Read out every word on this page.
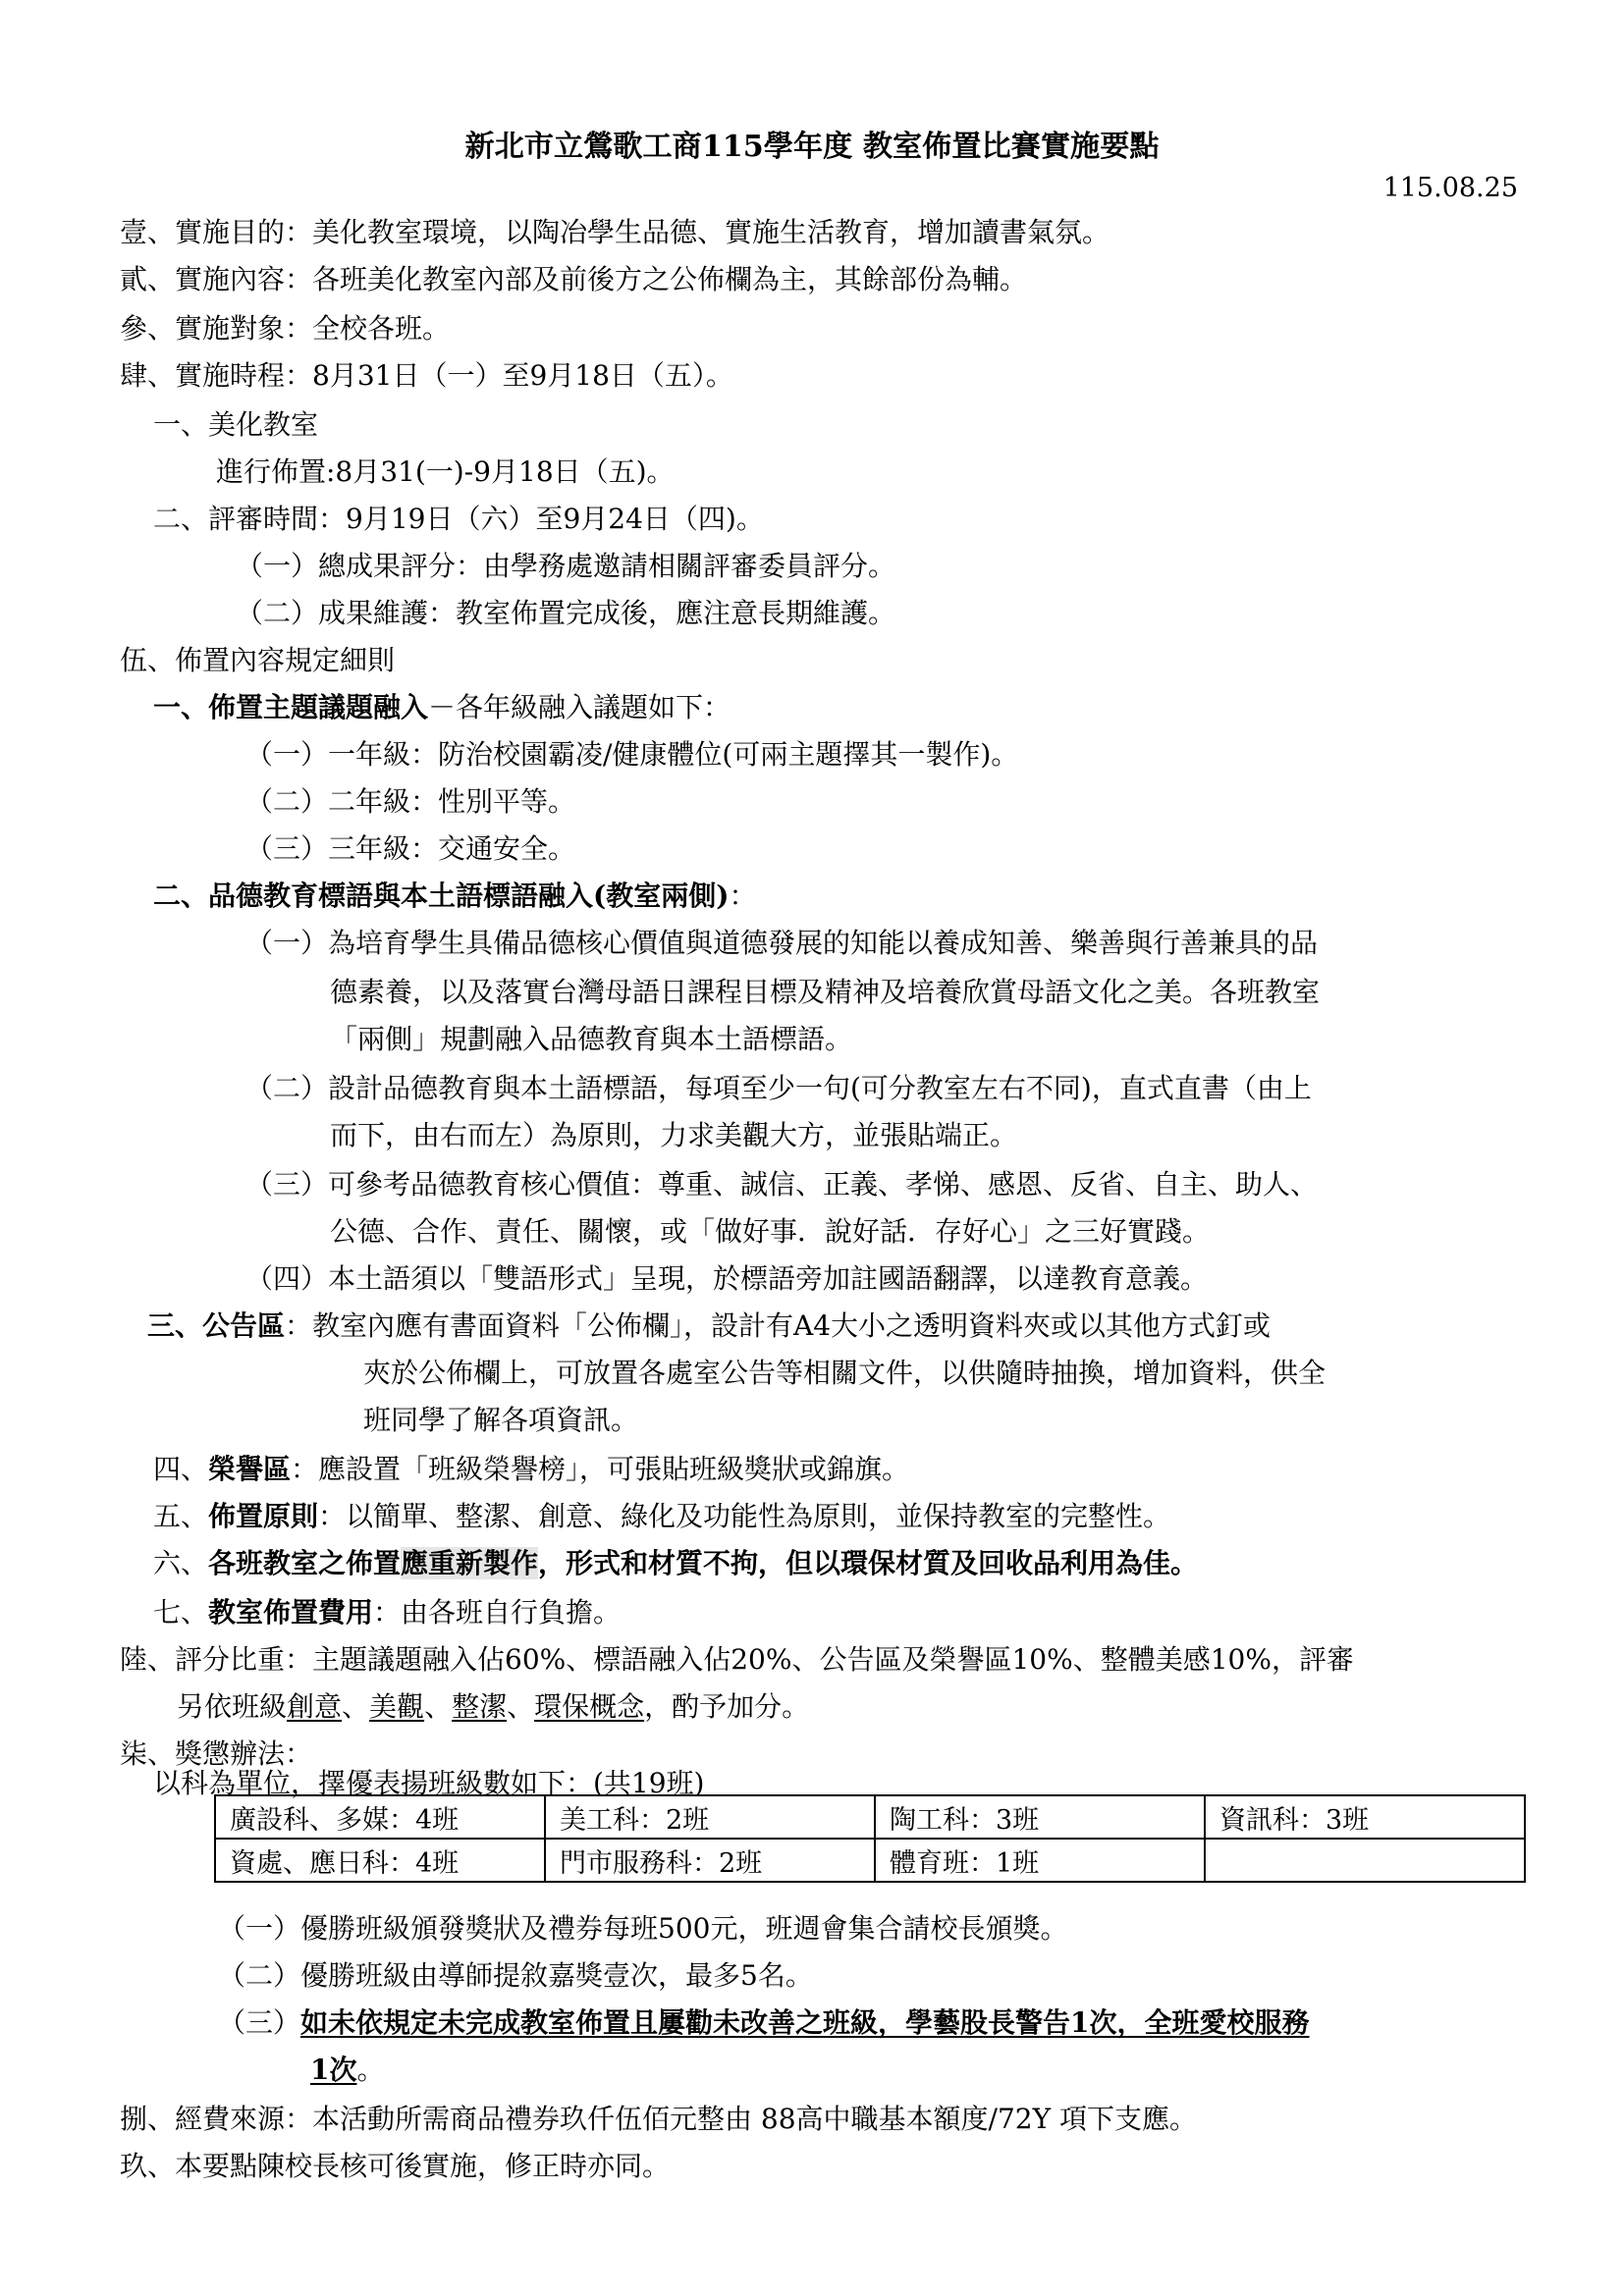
新北市立鶯歌工商115學年度 教室佈置比賽實施要點
115.08.25
壹、實施目的：美化教室環境，以陶冶學生品德、實施生活教育，增加讀書氣氛。
貳、實施內容：各班美化教室內部及前後方之公佈欄為主，其餘部份為輔。
參、實施對象：全校各班。
肆、實施時程：8月31日（一）至9月18日（五）。
一、美化教室
進行佈置:8月31(一)-9月18日（五)。
二、評審時間：9月19日（六）至9月24日（四)。
（一）總成果評分：由學務處邀請相關評審委員評分。
（二）成果維護：教室佈置完成後，應注意長期維護。
伍、佈置內容規定細則
一、佈置主題議題融入－各年級融入議題如下：
（一）一年級：防治校園霸凌/健康體位(可兩主題擇其一製作)。
（二）二年級：性別平等。
（三）三年級：交通安全。
二、品德教育標語與本土語標語融入(教室兩側)：
（一）為培育學生具備品德核心價值與道德發展的知能以養成知善、樂善與行善兼具的品
德素養，以及落實台灣母語日課程目標及精神及培養欣賞母語文化之美。各班教室
「兩側」規劃融入品德教育與本土語標語。
（二）設計品德教育與本土語標語，每項至少一句(可分教室左右不同)，直式直書（由上
而下，由右而左）為原則，力求美觀大方，並張貼端正。
（三）可參考品德教育核心價值：尊重、誠信、正義、孝悌、感恩、反省、自主、助人、
公德、合作、責任、關懷，或「做好事．說好話．存好心」之三好實踐。
（四）本土語須以「雙語形式」呈現，於標語旁加註國語翻譯，以達教育意義。
三、公告區：教室內應有書面資料「公佈欄」，設計有A4大小之透明資料夾或以其他方式釘或
夾於公佈欄上，可放置各處室公告等相關文件，以供隨時抽換，增加資料，供全
班同學了解各項資訊。
四、榮譽區：應設置「班級榮譽榜」，可張貼班級獎狀或錦旗。
五、佈置原則：以簡單、整潔、創意、綠化及功能性為原則，並保持教室的完整性。
六、各班教室之佈置應重新製作，形式和材質不拘，但以環保材質及回收品利用為佳。
七、教室佈置費用：由各班自行負擔。
陸、評分比重：主題議題融入佔60%、標語融入佔20%、公告區及榮譽區10%、整體美感10%，評審
另依班級創意、美觀、整潔、環保概念，酌予加分。
柒、獎懲辦法：
以科為單位，擇優表揚班級數如下：(共19班)
廣設科、多媒：4班	美工科：2班	陶工科：3班	資訊科：3班
資處、應日科：4班	門市服務科：2班	體育班：1班	
（一）優勝班級頒發獎狀及禮券每班500元，班週會集合請校長頒獎。
（二）優勝班級由導師提敘嘉獎壹次，最多5名。
（三）如未依規定未完成教室佈置且屢勸未改善之班級，學藝股長警告1次，全班愛校服務
1次。
捌、經費來源：本活動所需商品禮券玖仟伍佰元整由 88高中職基本額度/72Y 項下支應。
玖、本要點陳校長核可後實施，修正時亦同。
